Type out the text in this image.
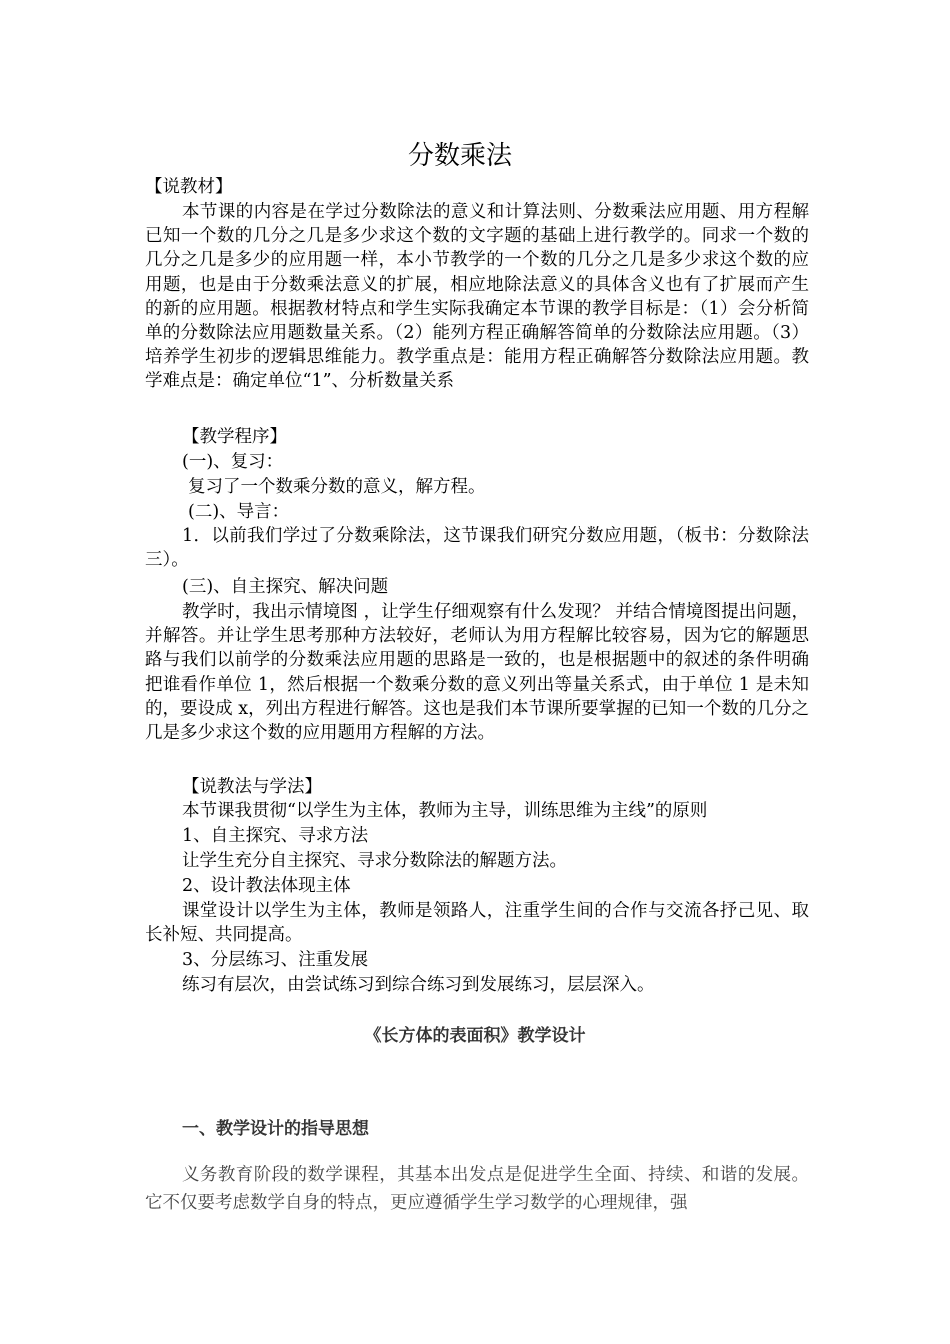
分数乘法
【说教材】
本节课的内容是在学过分数除法的意义和计算法则、分数乘法应用题、用方程解已知一个数的几分之几是多少求这个数的文字题的基础上进行教学的。同求一个数的几分之几是多少的应用题一样，本小节教学的一个数的几分之几是多少求这个数的应用题，也是由于分数乘法意义的扩展，相应地除法意义的具体含义也有了扩展而产生的新的应用题。根据教材特点和学生实际我确定本节课的教学目标是：（1）会分析简单的分数除法应用题数量关系。（2）能列方程正确解答简单的分数除法应用题。（3）培养学生初步的逻辑思维能力。教学重点是：能用方程正确解答分数除法应用题。教学难点是：确定单位“1”、分析数量关系
【教学程序】
(一)、复习：
复习了一个数乘分数的意义，解方程。
(二)、导言：
1．以前我们学过了分数乘除法，这节课我们研究分数应用题，（板书：分数除法三）。
(三)、自主探究、解决问题
教学时，我出示情境图 ，让学生仔细观察有什么发现？ 并结合情境图提出问题，并解答。并让学生思考那种方法较好，老师认为用方程解比较容易，因为它的解题思路与我们以前学的分数乘法应用题的思路是一致的，也是根据题中的叙述的条件明确把谁看作单位 1，然后根据一个数乘分数的意义列出等量关系式，由于单位 1 是未知的，要设成 x，列出方程进行解答。这也是我们本节课所要掌握的已知一个数的几分之几是多少求这个数的应用题用方程解的方法。
【说教法与学法】
本节课我贯彻“以学生为主体，教师为主导，训练思维为主线”的原则
1、自主探究、寻求方法
让学生充分自主探究、寻求分数除法的解题方法。
2、设计教法体现主体
课堂设计以学生为主体，教师是领路人，注重学生间的合作与交流各抒己见、取长补短、共同提高。
3、分层练习、注重发展
练习有层次，由尝试练习到综合练习到发展练习，层层深入。
《长方体的表面积》教学设计
一、教学设计的指导思想
义务教育阶段的数学课程，其基本出发点是促进学生全面、持续、和谐的发展。它不仅要考虑数学自身的特点，更应遵循学生学习数学的心理规律，强
